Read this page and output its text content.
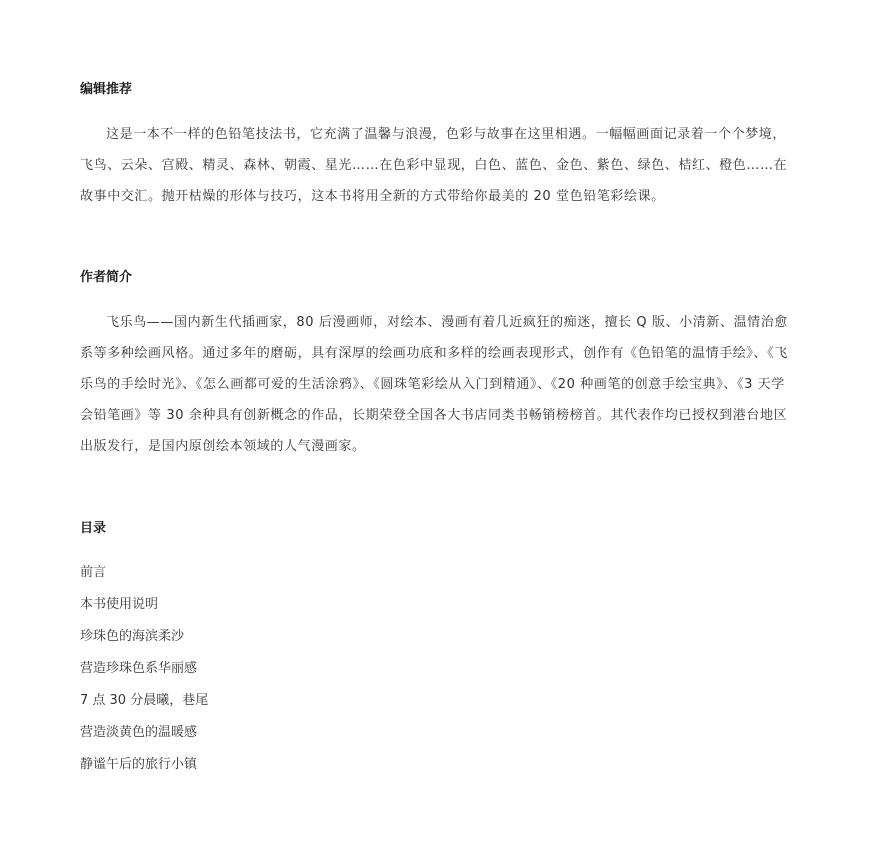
编辑推荐

这是一本不一样的色铅笔技法书，它充满了温馨与浪漫，色彩与故事在这里相遇。一幅幅画面记录着一个个梦境，飞鸟、云朵、宫殿、精灵、森林、朝霞、星光……在色彩中显现，白色、蓝色、金色、紫色、绿色、桔红、橙色……在故事中交汇。抛开枯燥的形体与技巧，这本书将用全新的方式带给你最美的 20 堂色铅笔彩绘课。

作者简介

飞乐鸟——国内新生代插画家，80 后漫画师，对绘本、漫画有着几近疯狂的痴迷，擅长 Q 版、小清新、温情治愈系等多种绘画风格。通过多年的磨砺，具有深厚的绘画功底和多样的绘画表现形式，创作有《色铅笔的温情手绘》、《飞乐鸟的手绘时光》、《怎么画都可爱的生活涂鸦》、《圆珠笔彩绘从入门到精通》、《20 种画笔的创意手绘宝典》、《3 天学会铅笔画》等 30 余种具有创新概念的作品，长期荣登全国各大书店同类书畅销榜榜首。其代表作均已授权到港台地区出版发行，是国内原创绘本领域的人气漫画家。

目录
前言
本书使用说明
珍珠色的海滨柔沙
营造珍珠色系华丽感
7 点 30 分晨曦，巷尾
营造淡黄色的温暖感
静谧午后的旅行小镇
